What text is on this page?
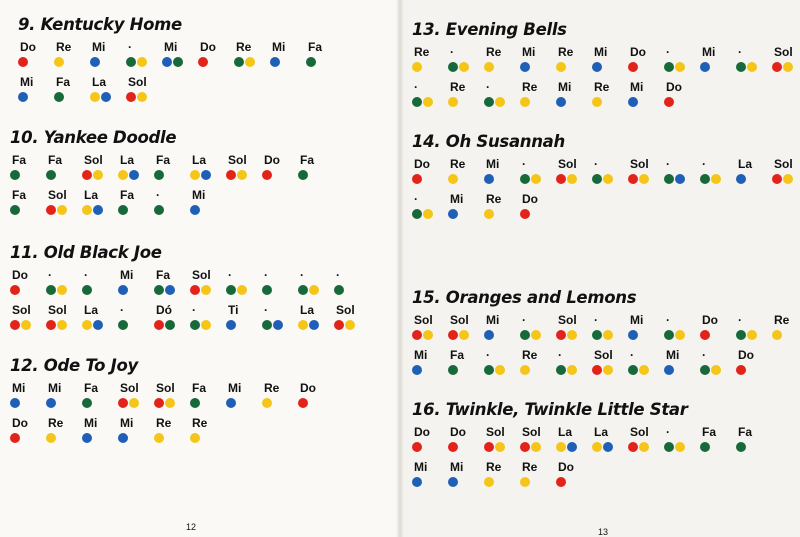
9. Kentucky Home
Do	Re	Mi	·	Mi	Do	Re	Mi	Fa
Mi	Fa	La	Sol
10. Yankee Doodle
Fa	Fa	Sol	La	Fa	La	Sol	Do	Fa
Fa	Sol	La	Fa	·	Mi
11. Old Black Joe
Do	·	·	Mi	Fa	Sol	·	·	·	·
Sol	Sol	La	·	Dó	·	Ti	·	La	Sol
12. Ode To Joy
Mi	Mi	Fa	Sol	Sol	Fa	Mi	Re	Do
Do	Re	Mi	Mi	Re	Re
13. Evening Bells
Re	·	Re	Mi	Re	Mi	Do	·	Mi	·	Sol
·	Re	·	Re	Mi	Re	Mi	Do
14. Oh Susannah
Do	Re	Mi	·	Sol	·	Sol	·	·	La	Sol
·	Mi	Re	Do
15. Oranges and Lemons
Sol	Sol	Mi	·	Sol	·	Mi	·	Do	·	Re
Mi	Fa	·	Re	·	Sol	·	Mi	·	Do
16. Twinkle, Twinkle Little Star
Do	Do	Sol	Sol	La	La	Sol	·	Fa	Fa
Mi	Mi	Re	Re	Do
12	13
